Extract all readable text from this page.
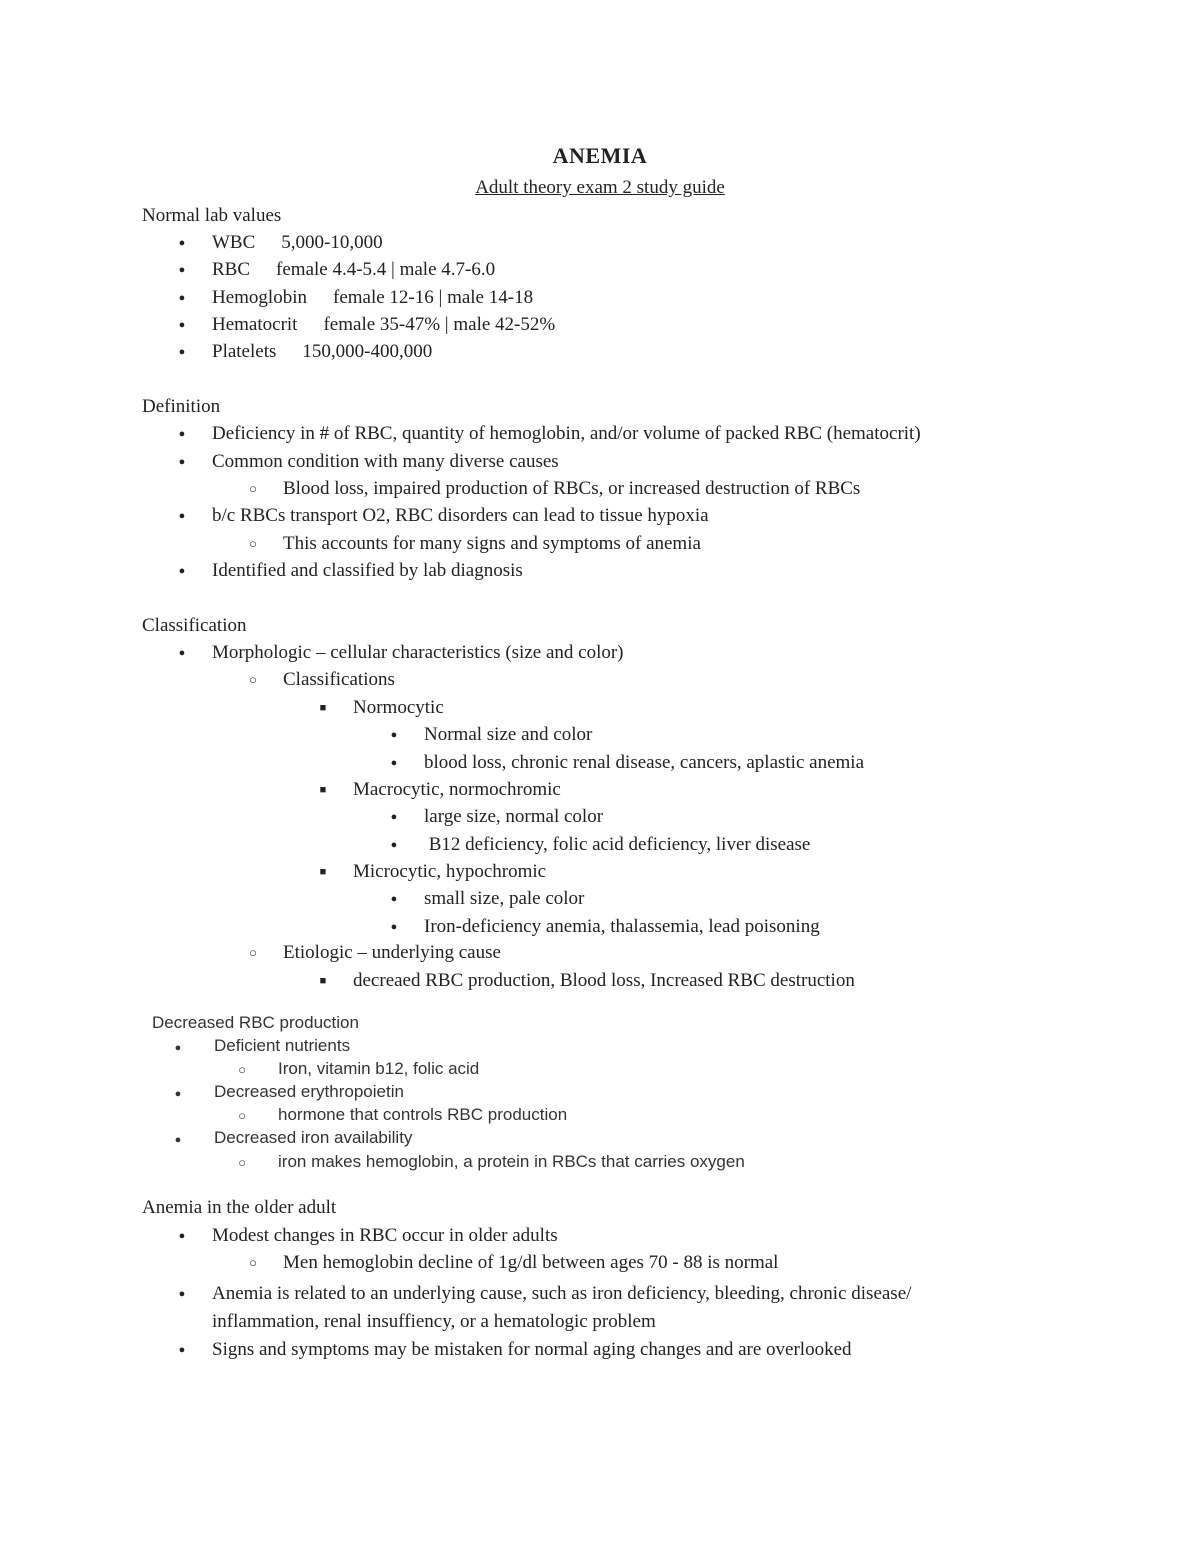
ANEMIA
Adult theory exam 2 study guide
Normal lab values
●
WBC 5,000-10,000
●
RBC female 4.4-5.4 | male 4.7-6.0
●
Hemoglobin female 12-16 | male 14-18
●
Hematocrit female 35-47% | male 42-52%
●
Platelets 150,000-400,000
Definition
●
Deficiency in # of RBC, quantity of hemoglobin, and/or volume of packed RBC (hematocrit)
●
Common condition with many diverse causes
○
Blood loss, impaired production of RBCs, or increased destruction of RBCs
●
b/c RBCs transport O2, RBC disorders can lead to tissue hypoxia
○
This accounts for many signs and symptoms of anemia
●
Identified and classified by lab diagnosis
Classification
●
Morphologic – cellular characteristics (size and color)
○
Classifications
■
Normocytic
●
Normal size and color
●
blood loss, chronic renal disease, cancers, aplastic anemia
■
Macrocytic, normochromic
●
large size, normal color
●
B12 deficiency, folic acid deficiency, liver disease
■
Microcytic, hypochromic
●
small size, pale color
●
Iron-deficiency anemia, thalassemia, lead poisoning
○
Etiologic – underlying cause
■
decreaed RBC production, Blood loss, Increased RBC destruction
Decreased RBC production
●
Deficient nutrients
○
Iron, vitamin b12, folic acid
●
Decreased erythropoietin
○
hormone that controls RBC production
●
Decreased iron availability
○
iron makes hemoglobin, a protein in RBCs that carries oxygen
Anemia in the older adult
●
Modest changes in RBC occur in older adults
○
Men hemoglobin decline of 1g/dl between ages 70 - 88 is normal
●
Anemia is related to an underlying cause, such as iron deficiency, bleeding, chronic disease/
inflammation, renal insuffiency, or a hematologic problem
●
Signs and symptoms may be mistaken for normal aging changes and are overlooked
